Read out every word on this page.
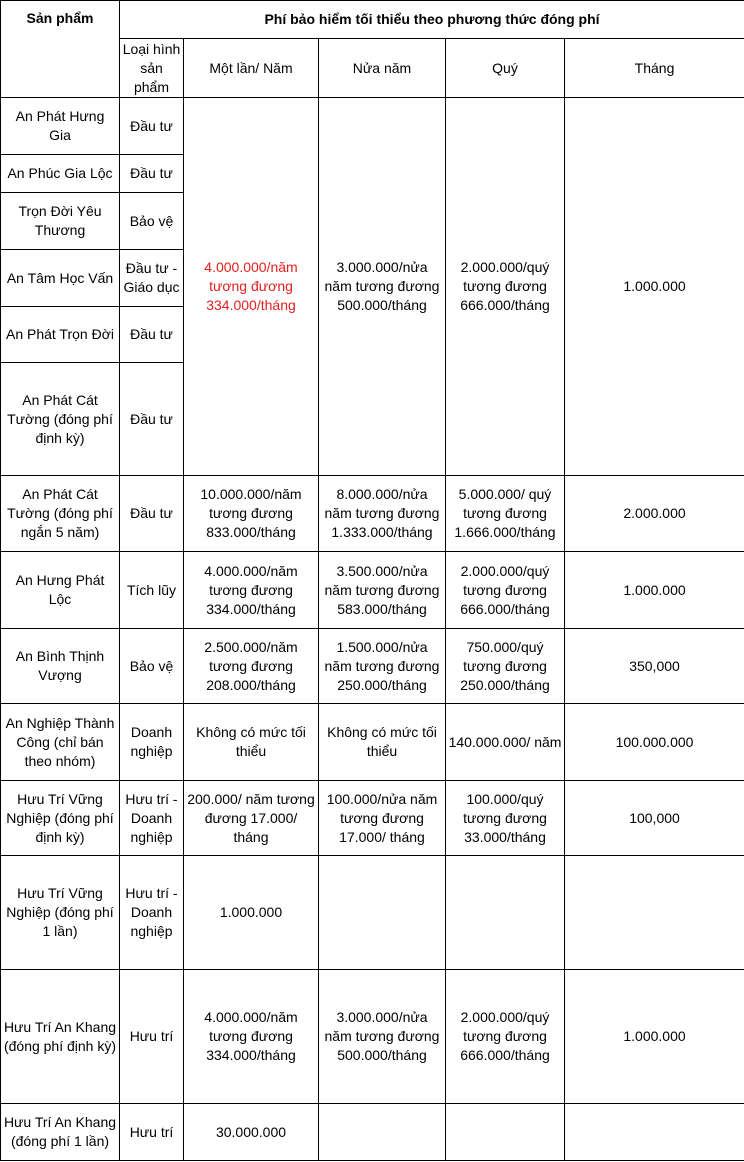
Sản phẩm	Phí bảo hiểm tối thiểu theo phương thức đóng phí				
	Loại hình sản phẩm	Một lần/ Năm	Nửa năm	Quý	Tháng
An Phát Hưng Gia	Đầu tư	4.000.000/năm tương đương 334.000/tháng	3.000.000/nửa năm tương đương 500.000/tháng	2.000.000/quý tương đương 666.000/tháng	1.000.000
An Phúc Gia Lộc	Đầu tư				
Trọn Đời Yêu Thương	Bảo vệ				
An Tâm Học Vấn	Đầu tư - Giáo dục				
An Phát Trọn Đời	Đầu tư				
An Phát Cát Tường (đóng phí định kỳ)	Đầu tư				
An Phát Cát Tường (đóng phí ngắn 5 năm)	Đầu tư	10.000.000/năm tương đương 833.000/tháng	8.000.000/nửa năm tương đương 1.333.000/tháng	5.000.000/ quý tương đương 1.666.000/tháng	2.000.000
An Hưng Phát Lộc	Tích lũy	4.000.000/năm tương đương 334.000/tháng	3.500.000/nửa năm tương đương 583.000/tháng	2.000.000/quý tương đương 666.000/tháng	1.000.000
An Bình Thịnh Vượng	Bảo vệ	2.500.000/năm tương đương 208.000/tháng	1.500.000/nửa năm tương đương 250.000/tháng	750.000/quý tương đương 250.000/tháng	350,000
An Nghiệp Thành Công (chỉ bán theo nhóm)	Doanh nghiệp	Không có mức tối thiểu	Không có mức tối thiểu	140.000.000/ năm	100.000.000
Hưu Trí Vững Nghiệp (đóng phí định kỳ)	Hưu trí - Doanh nghiệp	200.000/ năm tương đương 17.000/ tháng	100.000/nửa năm tương đương 17.000/ tháng	100.000/quý tương đương 33.000/tháng	100,000
Hưu Trí Vững Nghiệp (đóng phí 1 lần)	Hưu trí - Doanh nghiệp	1.000.000			
Hưu Trí An Khang (đóng phí định kỳ)	Hưu trí	4.000.000/năm tương đương 334.000/tháng	3.000.000/nửa năm tương đương 500.000/tháng	2.000.000/quý tương đương 666.000/tháng	1.000.000
Hưu Trí An Khang (đóng phí 1 lần)	Hưu trí	30.000.000			
